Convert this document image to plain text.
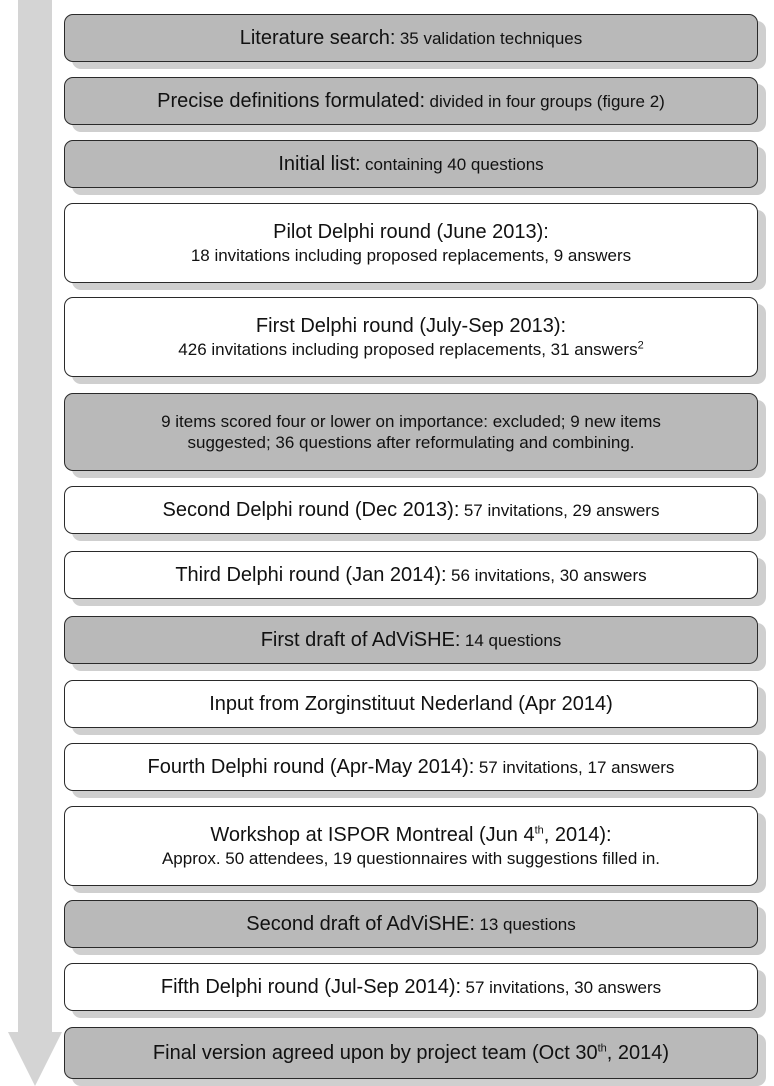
Literature search: 35 validation techniques
Precise definitions formulated: divided in four groups (figure 2)
Initial list: containing 40 questions
Pilot Delphi round (June 2013):
18 invitations including proposed replacements, 9 answers
First Delphi round (July-Sep 2013):
426 invitations including proposed replacements, 31 answers$^2$
9 items scored four or lower on importance: excluded; 9 new items
suggested; 36 questions after reformulating and combining.
Second Delphi round (Dec 2013): 57 invitations, 29 answers
Third Delphi round (Jan 2014): 56 invitations, 30 answers
First draft of AdViSHE: 14 questions
Input from Zorginstituut Nederland (Apr 2014)
Fourth Delphi round (Apr-May 2014): 57 invitations, 17 answers
Workshop at ISPOR Montreal (Jun 4th, 2014):
Approx. 50 attendees, 19 questionnaires with suggestions filled in.
Second draft of AdViSHE: 13 questions
Fifth Delphi round (Jul-Sep 2014): 57 invitations, 30 answers
Final version agreed upon by project team (Oct 30th, 2014)
